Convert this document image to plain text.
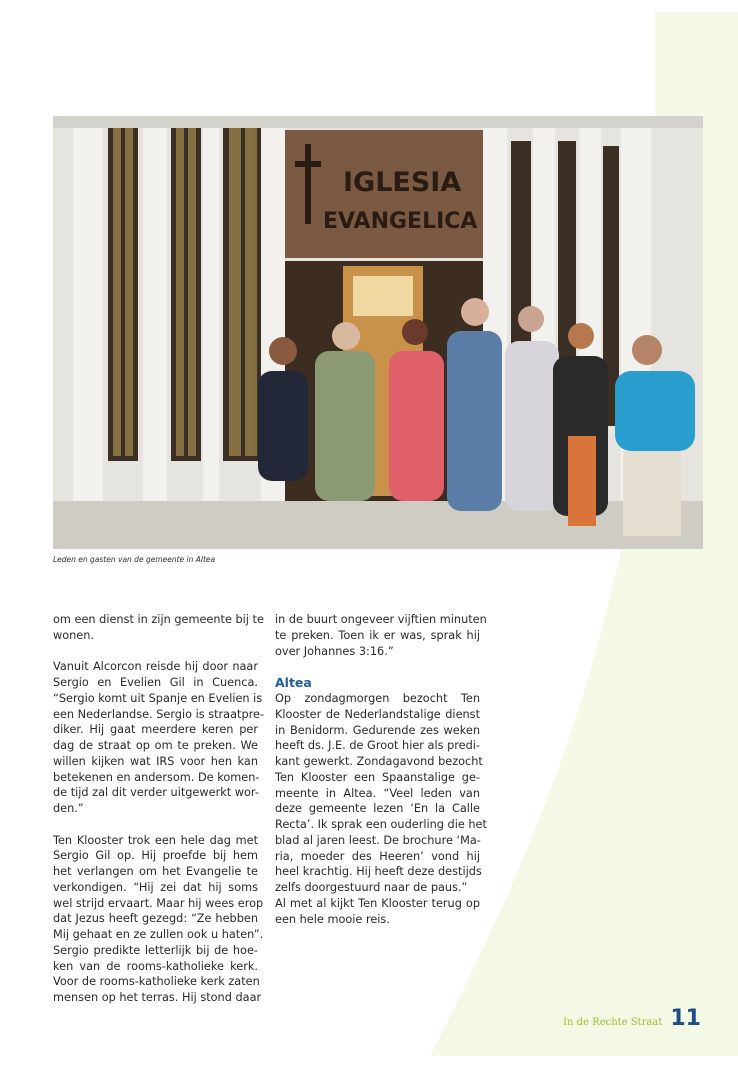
IGLESIA
EVANGELICA
Leden en gasten van de gemeente in Altea
om een dienst in zijn gemeente bij te
wonen.
Vanuit Alcorcon reisde hij door naar
Sergio en Evelien Gil in Cuenca.
“Sergio komt uit Spanje en Evelien is
een Nederlandse. Sergio is straatpre-
diker. Hij gaat meerdere keren per
dag de straat op om te preken. We
willen kijken wat IRS voor hen kan
betekenen en andersom. De komen-
de tijd zal dit verder uitgewerkt wor-
den.”
Ten Klooster trok een hele dag met
Sergio Gil op. Hij proefde bij hem
het verlangen om het Evangelie te
verkondigen. “Hij zei dat hij soms
wel strijd ervaart. Maar hij wees erop
dat Jezus heeft gezegd: “Ze hebben
Mij gehaat en ze zullen ook u haten”.
Sergio predikte letterlijk bij de hoe-
ken van de rooms-katholieke kerk.
Voor de rooms-katholieke kerk zaten
mensen op het terras. Hij stond daar
in de buurt ongeveer vijftien minuten
te preken. Toen ik er was, sprak hij
over Johannes 3:16.”
Altea
Op zondagmorgen bezocht Ten
Klooster de Nederlandstalige dienst
in Benidorm. Gedurende zes weken
heeft ds. J.E. de Groot hier als predi-
kant gewerkt. Zondagavond bezocht
Ten Klooster een Spaanstalige ge-
meente in Altea. “Veel leden van
deze gemeente lezen ‘En la Calle
Recta’. Ik sprak een ouderling die het
blad al jaren leest. De brochure ‘Ma-
ria, moeder des Heeren’ vond hij
heel krachtig. Hij heeft deze destijds
zelfs doorgestuurd naar de paus.”
Al met al kijkt Ten Klooster terug op
een hele mooie reis.
In de Rechte Straat 11
